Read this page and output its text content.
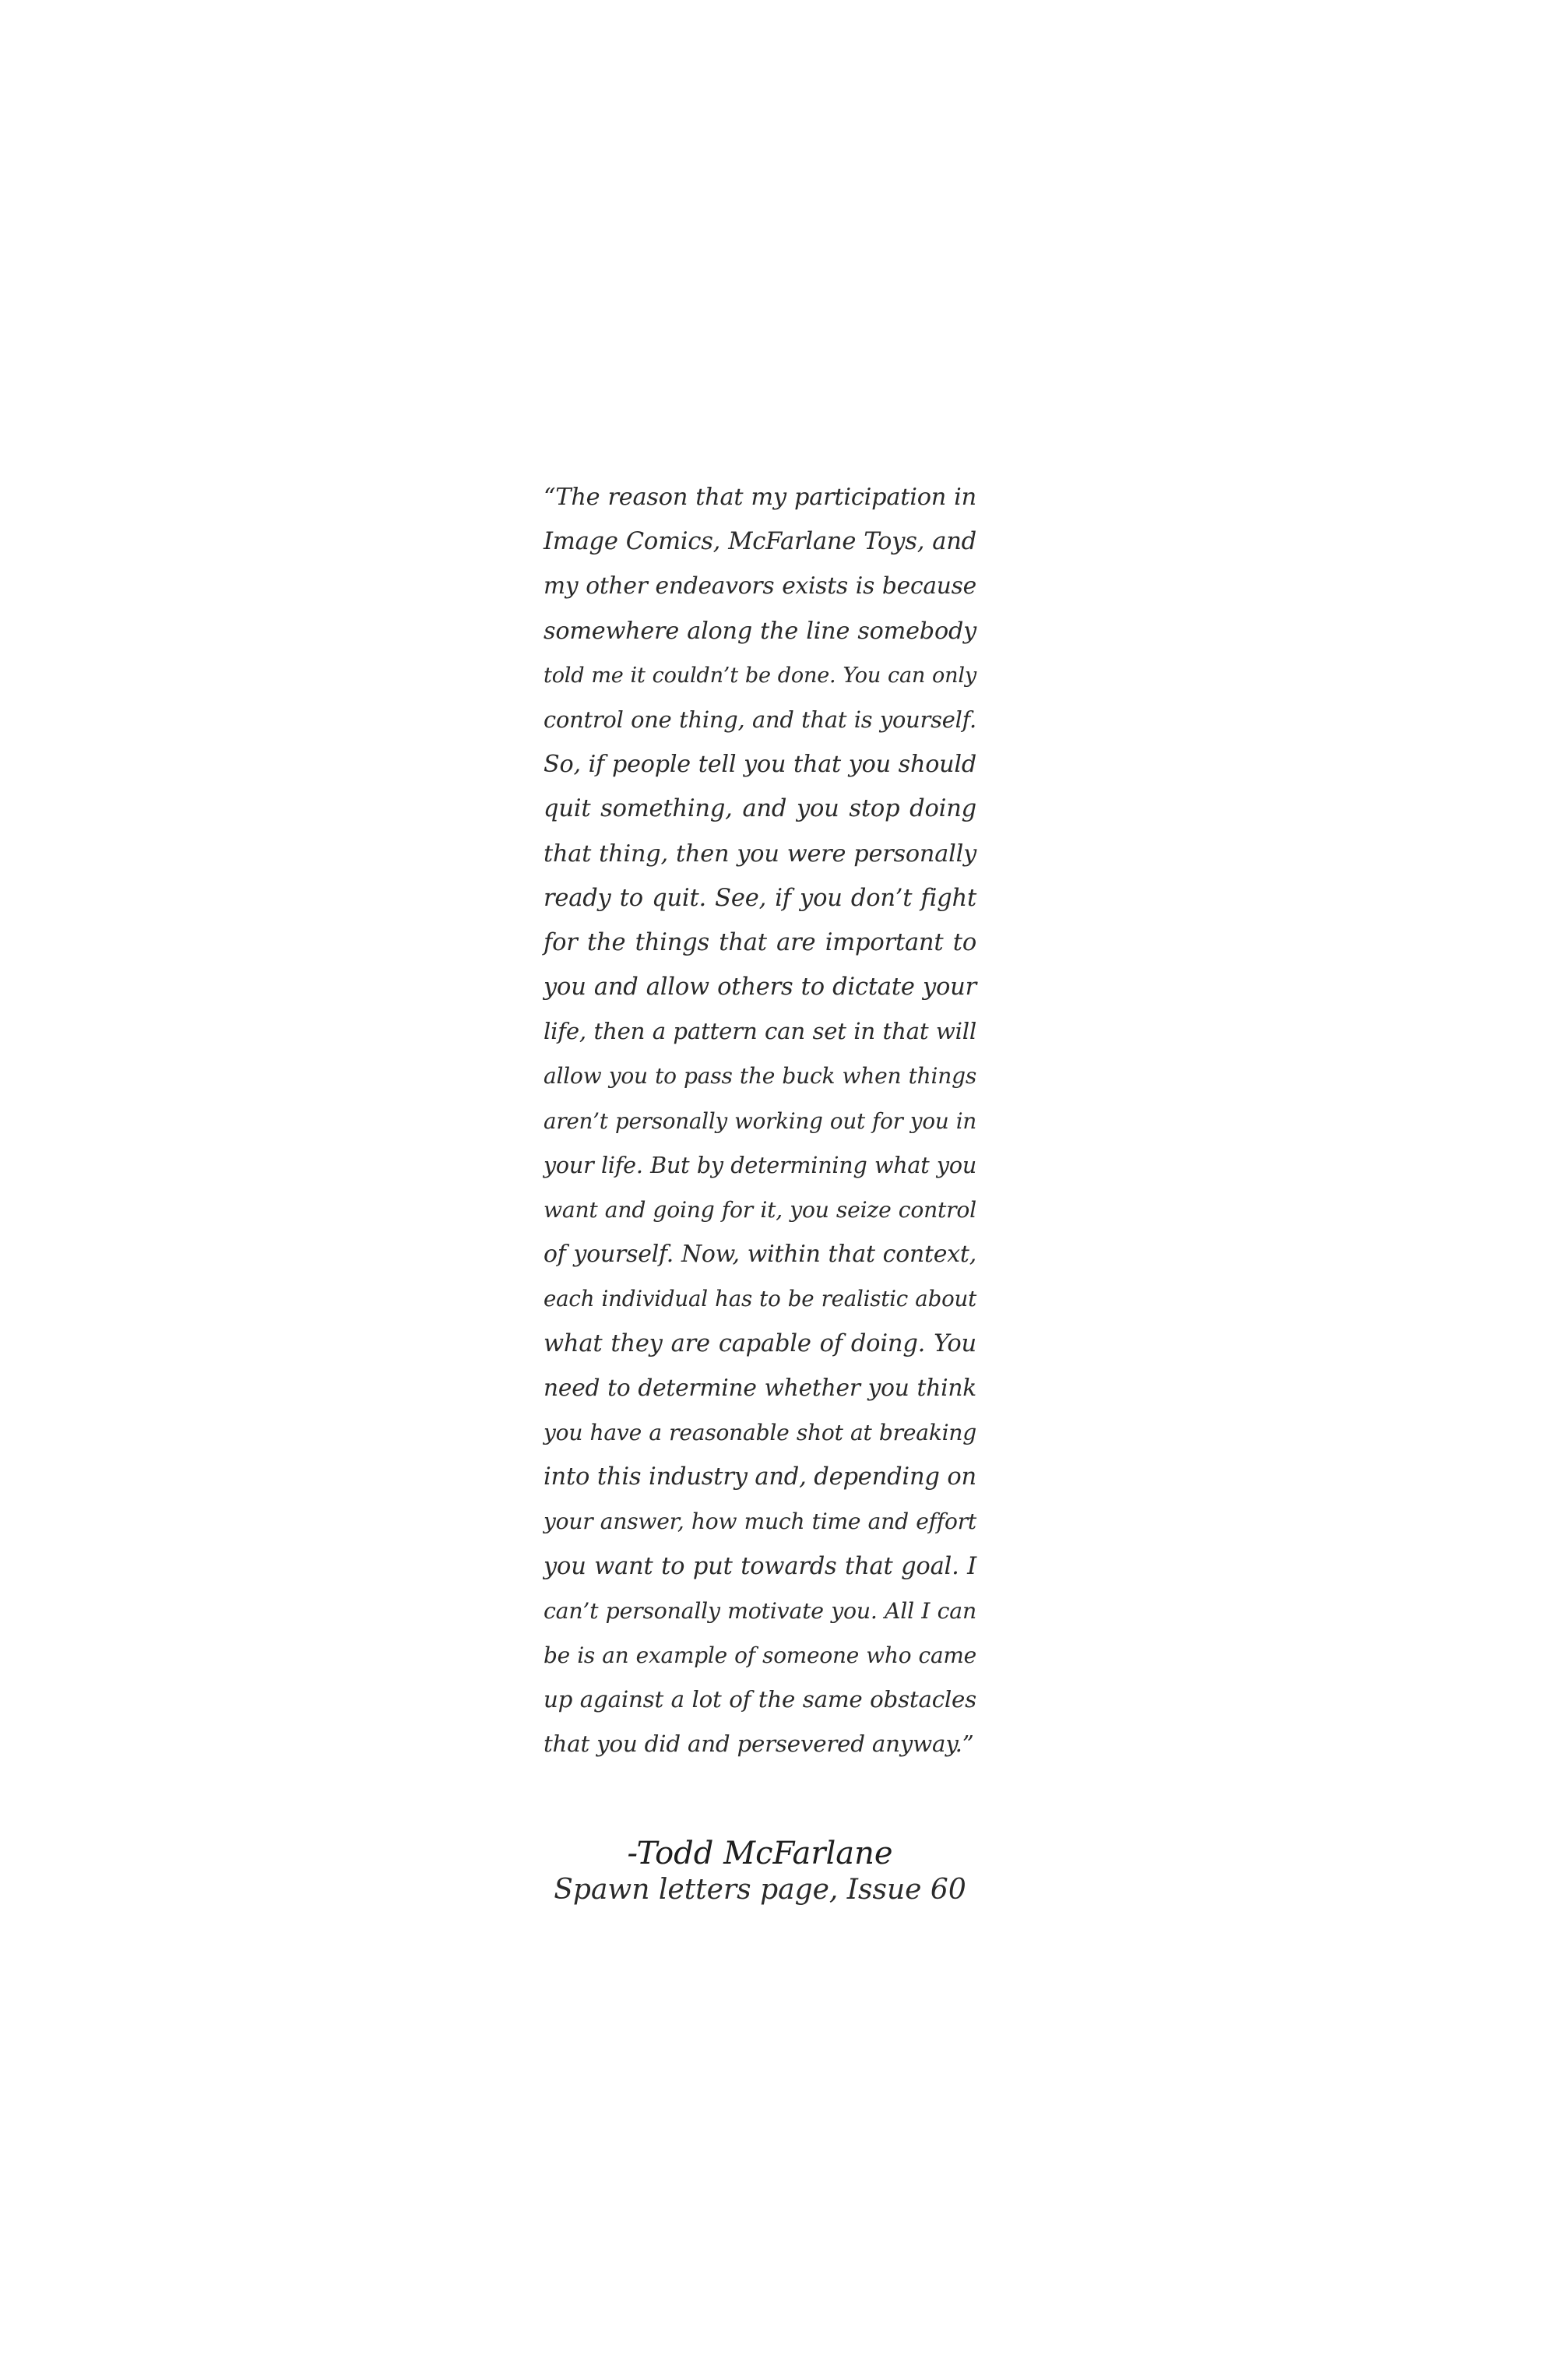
“The reason that my participation in
Image Comics, McFarlane Toys, and
my other endeavors exists is because
somewhere along the line somebody
told me it couldn’t be done. You can only
control one thing, and that is yourself.
So, if people tell you that you should
quit something, and you stop doing
that thing, then you were personally
ready to quit. See, if you don’t fight
for the things that are important to
you and allow others to dictate your
life, then a pattern can set in that will
allow you to pass the buck when things
aren’t personally working out for you in
your life. But by determining what you
want and going for it, you seize control
of yourself. Now, within that context,
each individual has to be realistic about
what they are capable of doing. You
need to determine whether you think
you have a reasonable shot at breaking
into this industry and, depending on
your answer, how much time and effort
you want to put towards that goal. I
can’t personally motivate you. All I can
be is an example of someone who came
up against a lot of the same obstacles
that you did and persevered anyway.”
-Todd McFarlane
Spawn letters page, Issue 60
